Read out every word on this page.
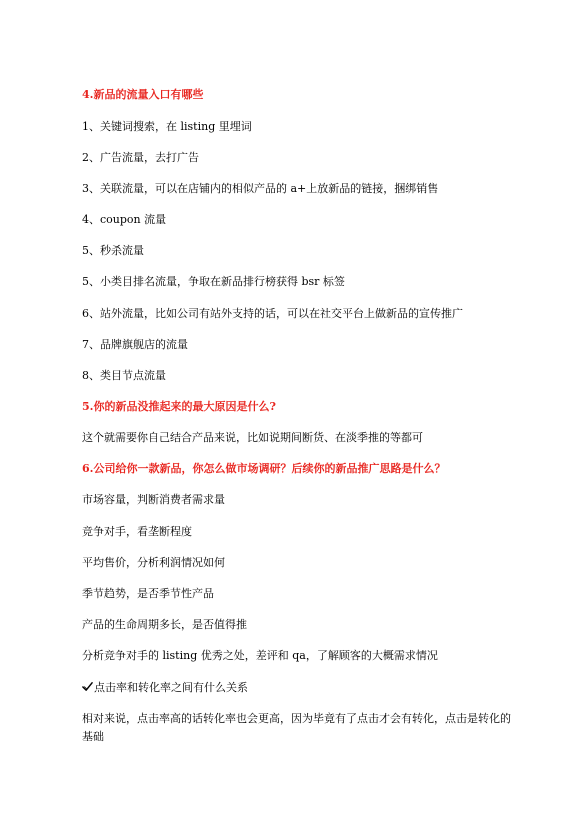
4.新品的流量入口有哪些
1、关键词搜索，在 listing 里埋词
2、广告流量，去打广告
3、关联流量，可以在店铺内的相似产品的 a+上放新品的链接，捆绑销售
4、coupon 流量
5、秒杀流量
5、小类目排名流量，争取在新品排行榜获得 bsr 标签
6、站外流量，比如公司有站外支持的话，可以在社交平台上做新品的宣传推广
7、品牌旗舰店的流量
8、类目节点流量
5.你的新品没推起来的最大原因是什么?
这个就需要你自己结合产品来说，比如说期间断货、在淡季推的等都可
6.公司给你一款新品，你怎么做市场调研？后续你的新品推广思路是什么？
市场容量，判断消费者需求量
竞争对手，看垄断程度
平均售价，分析利润情况如何
季节趋势，是否季节性产品
产品的生命周期多长，是否值得推
分析竞争对手的 listing 优秀之处，差评和 qa，了解顾客的大概需求情况
点击率和转化率之间有什么关系
相对来说，点击率高的话转化率也会更高，因为毕竟有了点击才会有转化，点击是转化的基础
